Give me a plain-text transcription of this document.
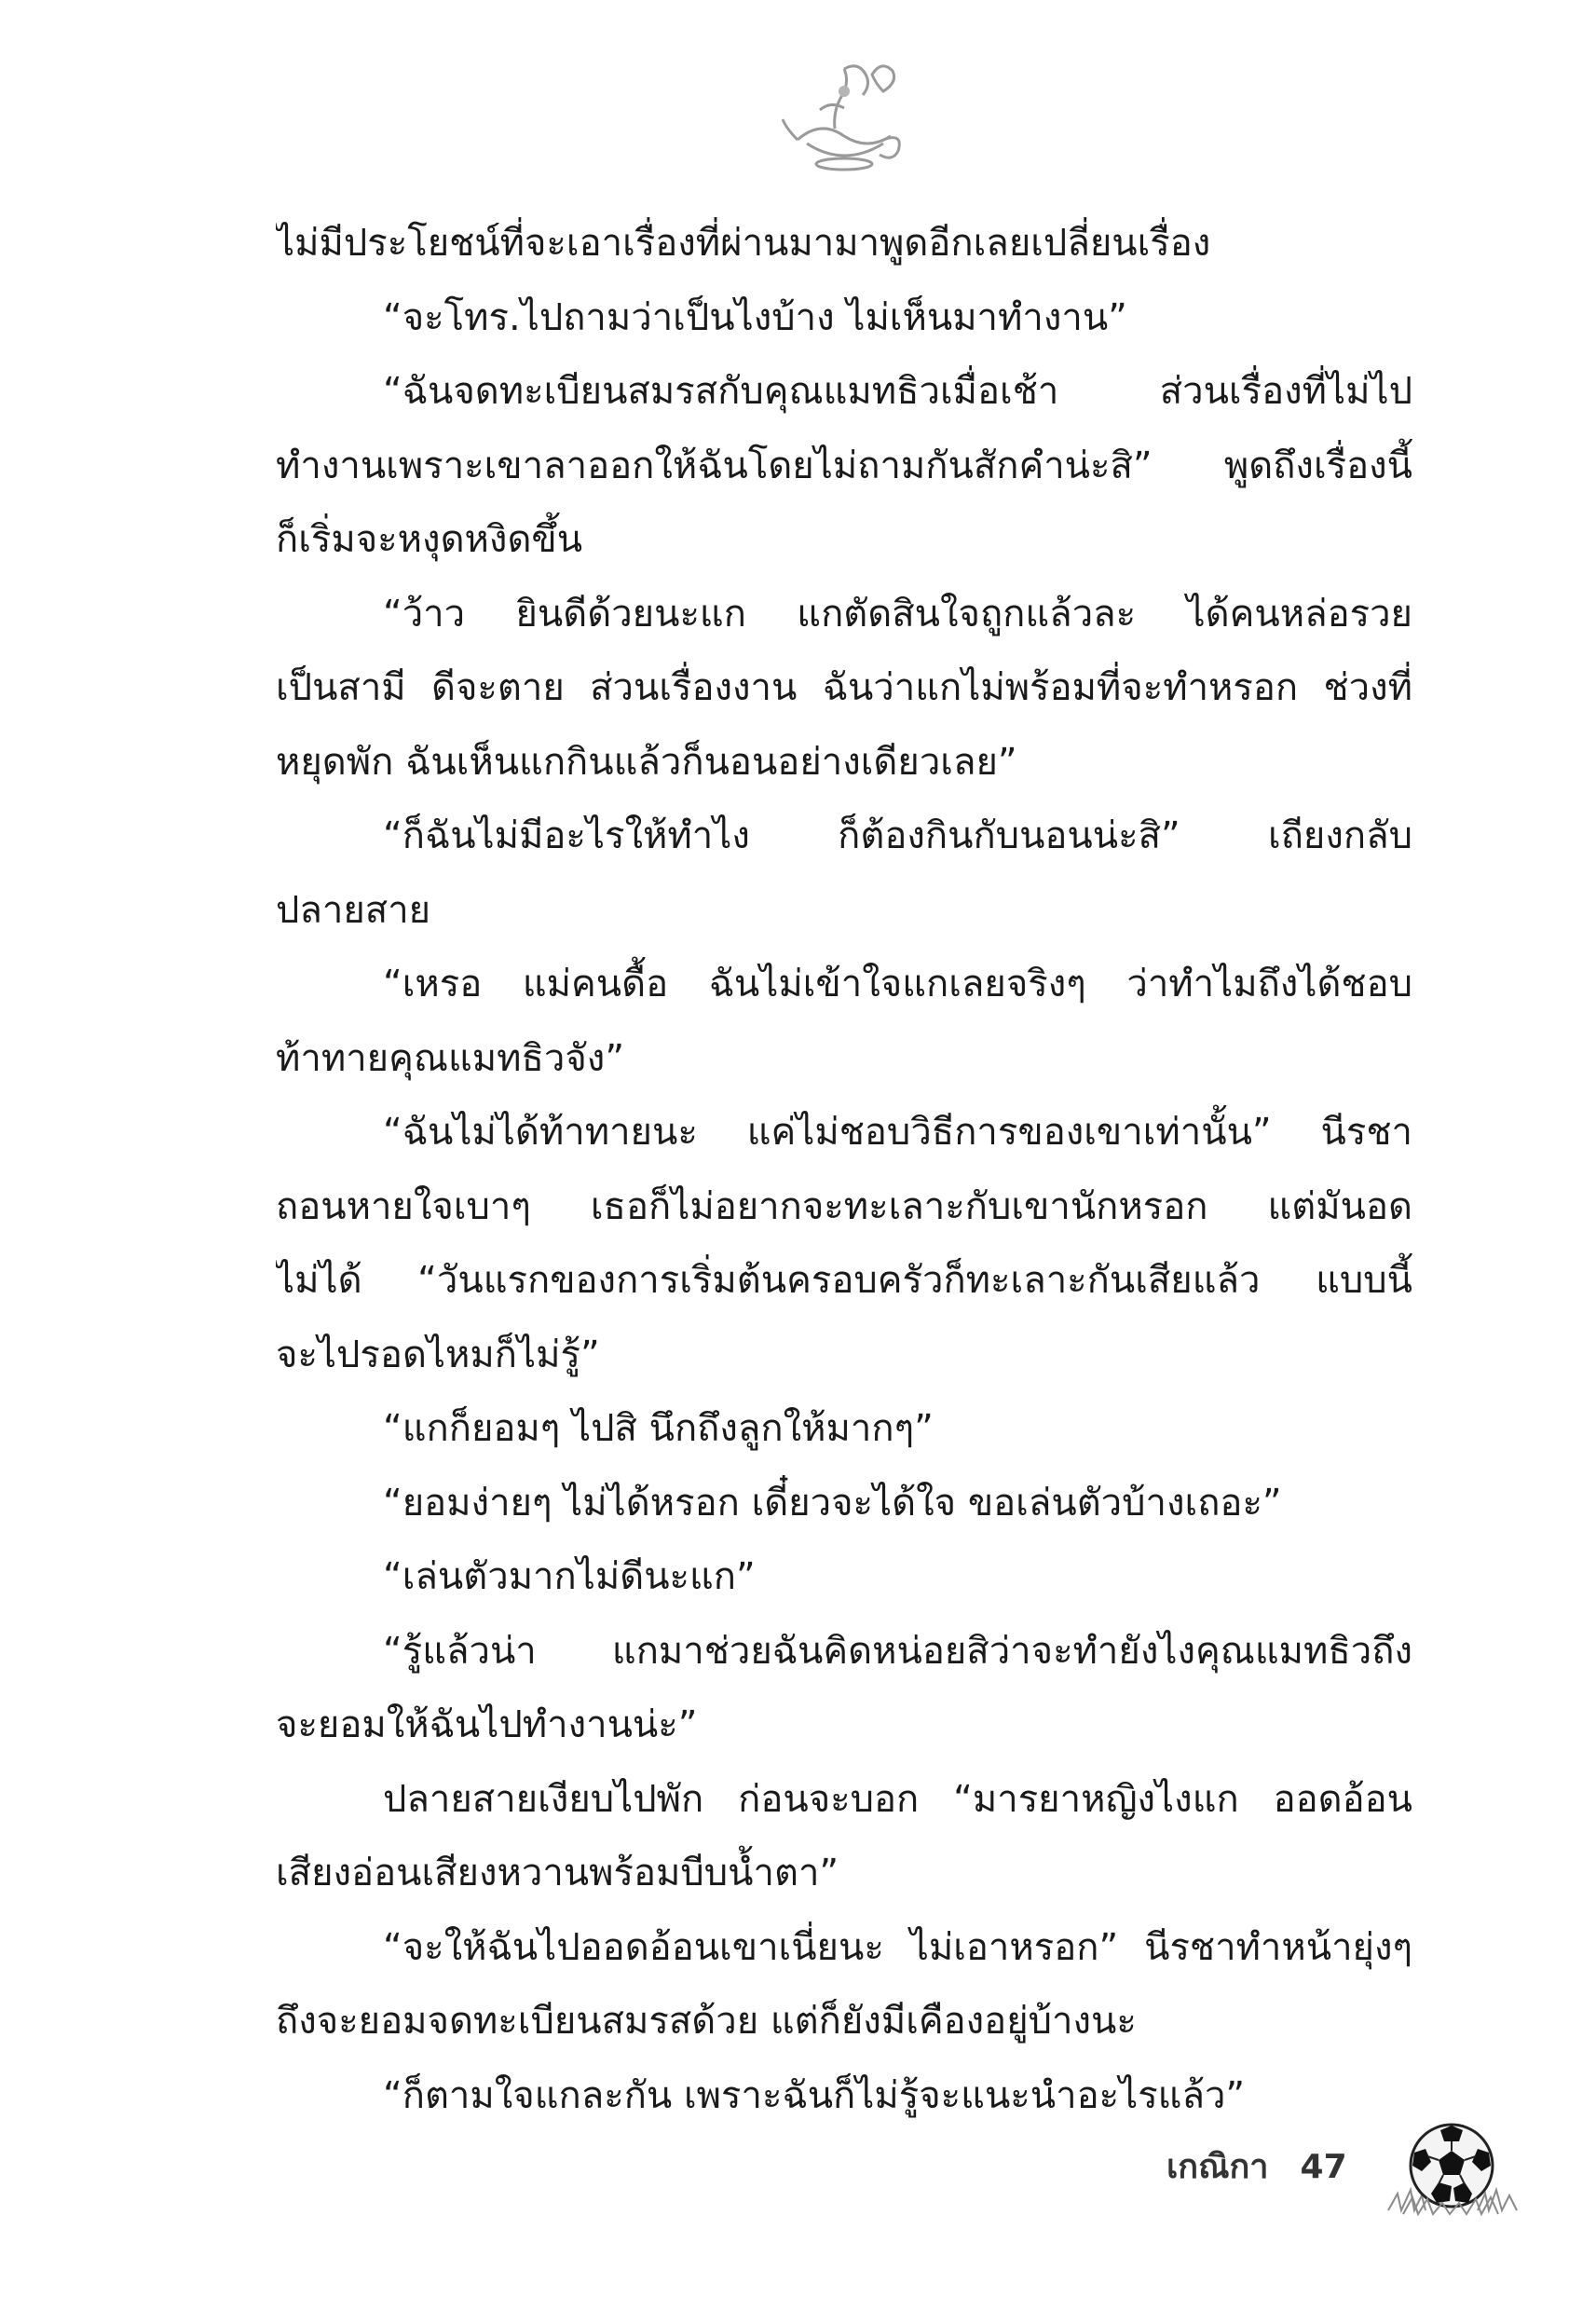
ไม่มีประโยชน์ที่จะเอาเรื่องที่ผ่านมามาพูดอีกเลยเปลี่ยนเรื่อง
“จะโทร.ไปถามว่าเป็นไงบ้าง ไม่เห็นมาทำงาน”
“ฉันจดทะเบียนสมรสกับคุณแมทธิวเมื่อเช้า ส่วนเรื่องที่ไม่ไป
ทำงานเพราะเขาลาออกให้ฉันโดยไม่ถามกันสักคำน่ะสิ” พูดถึงเรื่องนี้
ก็เริ่มจะหงุดหงิดขึ้น
“ว้าว ยินดีด้วยนะแก แกตัดสินใจถูกแล้วละ ได้คนหล่อรวย
เป็นสามี ดีจะตาย ส่วนเรื่องงาน ฉันว่าแกไม่พร้อมที่จะทำหรอก ช่วงที่
หยุดพัก ฉันเห็นแกกินแล้วก็นอนอย่างเดียวเลย”
“ก็ฉันไม่มีอะไรให้ทำไง ก็ต้องกินกับนอนน่ะสิ” เถียงกลับ
ปลายสาย
“เหรอ แม่คนดื้อ ฉันไม่เข้าใจแกเลยจริงๆ ว่าทำไมถึงได้ชอบ
ท้าทายคุณแมทธิวจัง”
“ฉันไม่ได้ท้าทายนะ แค่ไม่ชอบวิธีการของเขาเท่านั้น” นีรชา
ถอนหายใจเบาๆ เธอก็ไม่อยากจะทะเลาะกับเขานักหรอก แต่มันอด
ไม่ได้ “วันแรกของการเริ่มต้นครอบครัวก็ทะเลาะกันเสียแล้ว แบบนี้
จะไปรอดไหมก็ไม่รู้”
“แกก็ยอมๆ ไปสิ นึกถึงลูกให้มากๆ”
“ยอมง่ายๆ ไม่ได้หรอก เดี๋ยวจะได้ใจ ขอเล่นตัวบ้างเถอะ”
“เล่นตัวมากไม่ดีนะแก”
“รู้แล้วน่า แกมาช่วยฉันคิดหน่อยสิว่าจะทำยังไงคุณแมทธิวถึง
จะยอมให้ฉันไปทำงานน่ะ”
ปลายสายเงียบไปพัก ก่อนจะบอก “มารยาหญิงไงแก ออดอ้อน
เสียงอ่อนเสียงหวานพร้อมบีบน้ำตา”
“จะให้ฉันไปออดอ้อนเขาเนี่ยนะ ไม่เอาหรอก” นีรชาทำหน้ายุ่งๆ
ถึงจะยอมจดทะเบียนสมรสด้วย แต่ก็ยังมีเคืองอยู่บ้างนะ
“ก็ตามใจแกละกัน เพราะฉันก็ไม่รู้จะแนะนำอะไรแล้ว”
เกณิกา 47
